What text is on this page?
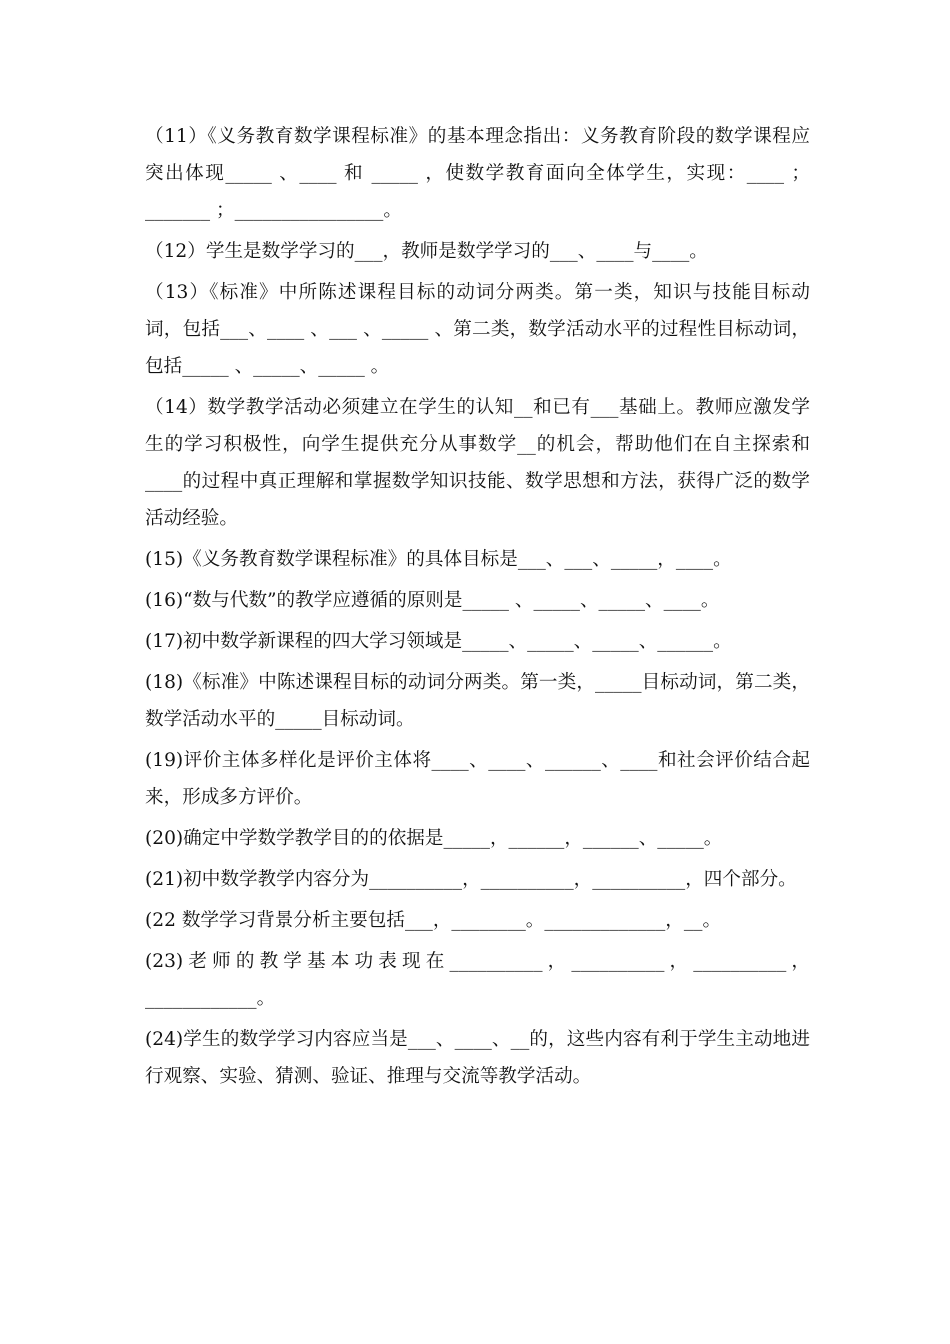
（11）《义务教育数学课程标准》的基本理念指出：义务教育阶段的数学课程应突出体现_____ 、____ 和 _____ ，使数学教育面向全体学生，实现：____ ；_______ ；________________。

（12）学生是数学学习的___，教师是数学学习的___、____与____。

（13）《标准》中所陈述课程目标的动词分两类。第一类，知识与技能目标动词，包括___、____ 、___ 、_____ 、第二类，数学活动水平的过程性目标动词，包括_____ 、_____、_____ 。

（14）数学教学活动必须建立在学生的认知__和已有___基础上。教师应激发学生的学习积极性，向学生提供充分从事数学__的机会，帮助他们在自主探索和____的过程中真正理解和掌握数学知识技能、数学思想和方法，获得广泛的数学活动经验。

(15)《义务教育数学课程标准》的具体目标是___、___、_____，____。

(16)“数与代数”的教学应遵循的原则是_____ 、_____、_____、____。

(17)初中数学新课程的四大学习领域是_____、_____、_____、______。

(18)《标准》中陈述课程目标的动词分两类。第一类，_____目标动词，第二类，数学活动水平的_____目标动词。

(19)评价主体多样化是评价主体将____、____、______、____和社会评价结合起来，形成多方评价。

(20)确定中学数学教学目的的依据是_____，______，______、_____。

(21)初中数学教学内容分为__________，__________，__________，四个部分。

(22 数学学习背景分析主要包括___，________。_____________，__。

(23)老师的教学基本功表现在__________，__________，__________，____________。

(24)学生的数学学习内容应当是___、____、__的，这些内容有利于学生主动地进行观察、实验、猜测、验证、推理与交流等教学活动。
